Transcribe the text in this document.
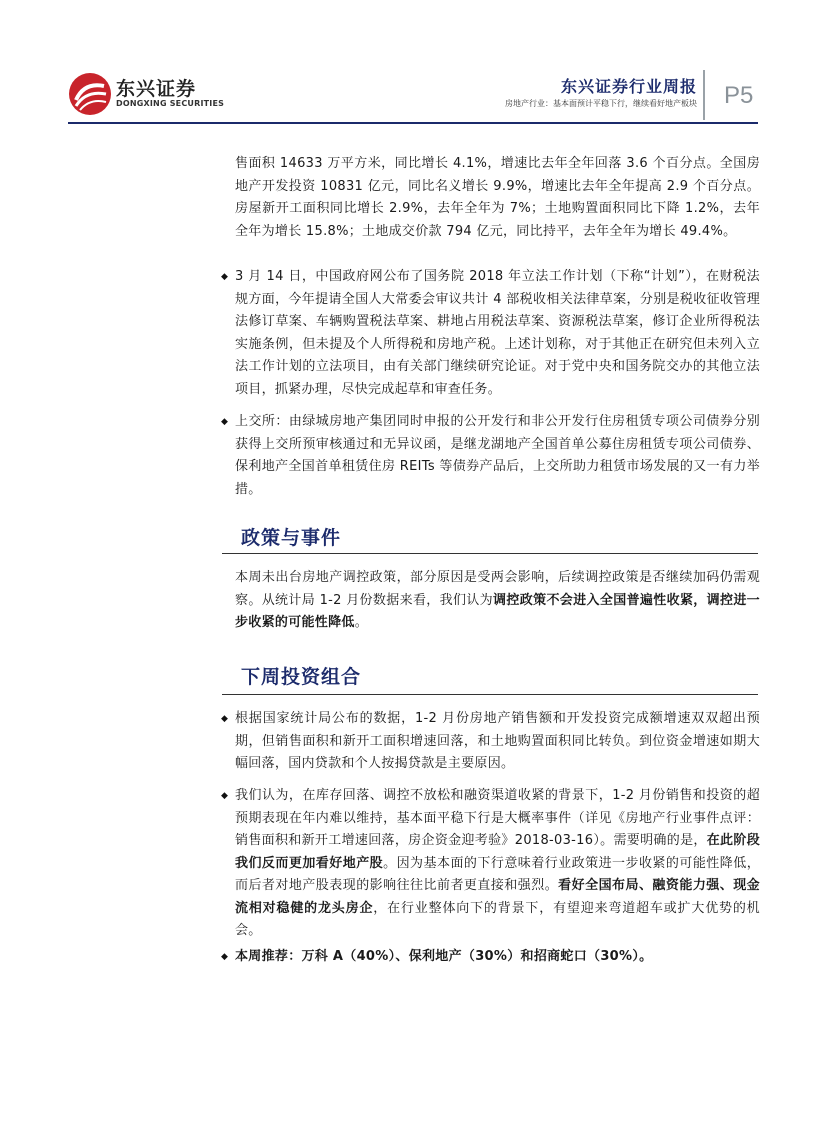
东兴证券
DONGXING SECURITIES
东兴证券行业周报
房地产行业：基本面预计平稳下行，继续看好地产板块 P5
售面积 14633 万平方米，同比增长 4.1%，增速比去年全年回落 3.6 个百分点。全国房地产开发投资 10831 亿元，同比名义增长 9.9%，增速比去年全年提高 2.9 个百分点。房屋新开工面积同比增长 2.9%，去年全年为 7%；土地购置面积同比下降 1.2%，去年全年为增长 15.8%；土地成交价款 794 亿元，同比持平，去年全年为增长 49.4%。
◆ 3 月 14 日，中国政府网公布了国务院 2018 年立法工作计划（下称“计划”），在财税法规方面，今年提请全国人大常委会审议共计 4 部税收相关法律草案，分别是税收征收管理法修订草案、车辆购置税法草案、耕地占用税法草案、资源税法草案，修订企业所得税法实施条例，但未提及个人所得税和房地产税。上述计划称，对于其他正在研究但未列入立法工作计划的立法项目，由有关部门继续研究论证。对于党中央和国务院交办的其他立法项目，抓紧办理，尽快完成起草和审查任务。
◆ 上交所：由绿城房地产集团同时申报的公开发行和非公开发行住房租赁专项公司债券分别获得上交所预审核通过和无异议函，是继龙湖地产全国首单公募住房租赁专项公司债券、保利地产全国首单租赁住房 REITs 等债券产品后，上交所助力租赁市场发展的又一有力举措。
政策与事件
本周未出台房地产调控政策，部分原因是受两会影响，后续调控政策是否继续加码仍需观察。从统计局 1-2 月份数据来看，我们认为调控政策不会进入全国普遍性收紧，调控进一步收紧的可能性降低。
下周投资组合
◆ 根据国家统计局公布的数据，1-2 月份房地产销售额和开发投资完成额增速双双超出预期，但销售面积和新开工面积增速回落，和土地购置面积同比转负。到位资金增速如期大幅回落，国内贷款和个人按揭贷款是主要原因。
◆ 我们认为，在库存回落、调控不放松和融资渠道收紧的背景下，1-2 月份销售和投资的超预期表现在年内难以维持，基本面平稳下行是大概率事件（详见《房地产行业事件点评：销售面积和新开工增速回落，房企资金迎考验》2018-03-16）。需要明确的是，在此阶段我们反而更加看好地产股。因为基本面的下行意味着行业政策进一步收紧的可能性降低，而后者对地产股表现的影响往往比前者更直接和强烈。看好全国布局、融资能力强、现金流相对稳健的龙头房企，在行业整体向下的背景下，有望迎来弯道超车或扩大优势的机会。
◆ 本周推荐：万科 A（40%）、保利地产（30%）和招商蛇口（30%）。
